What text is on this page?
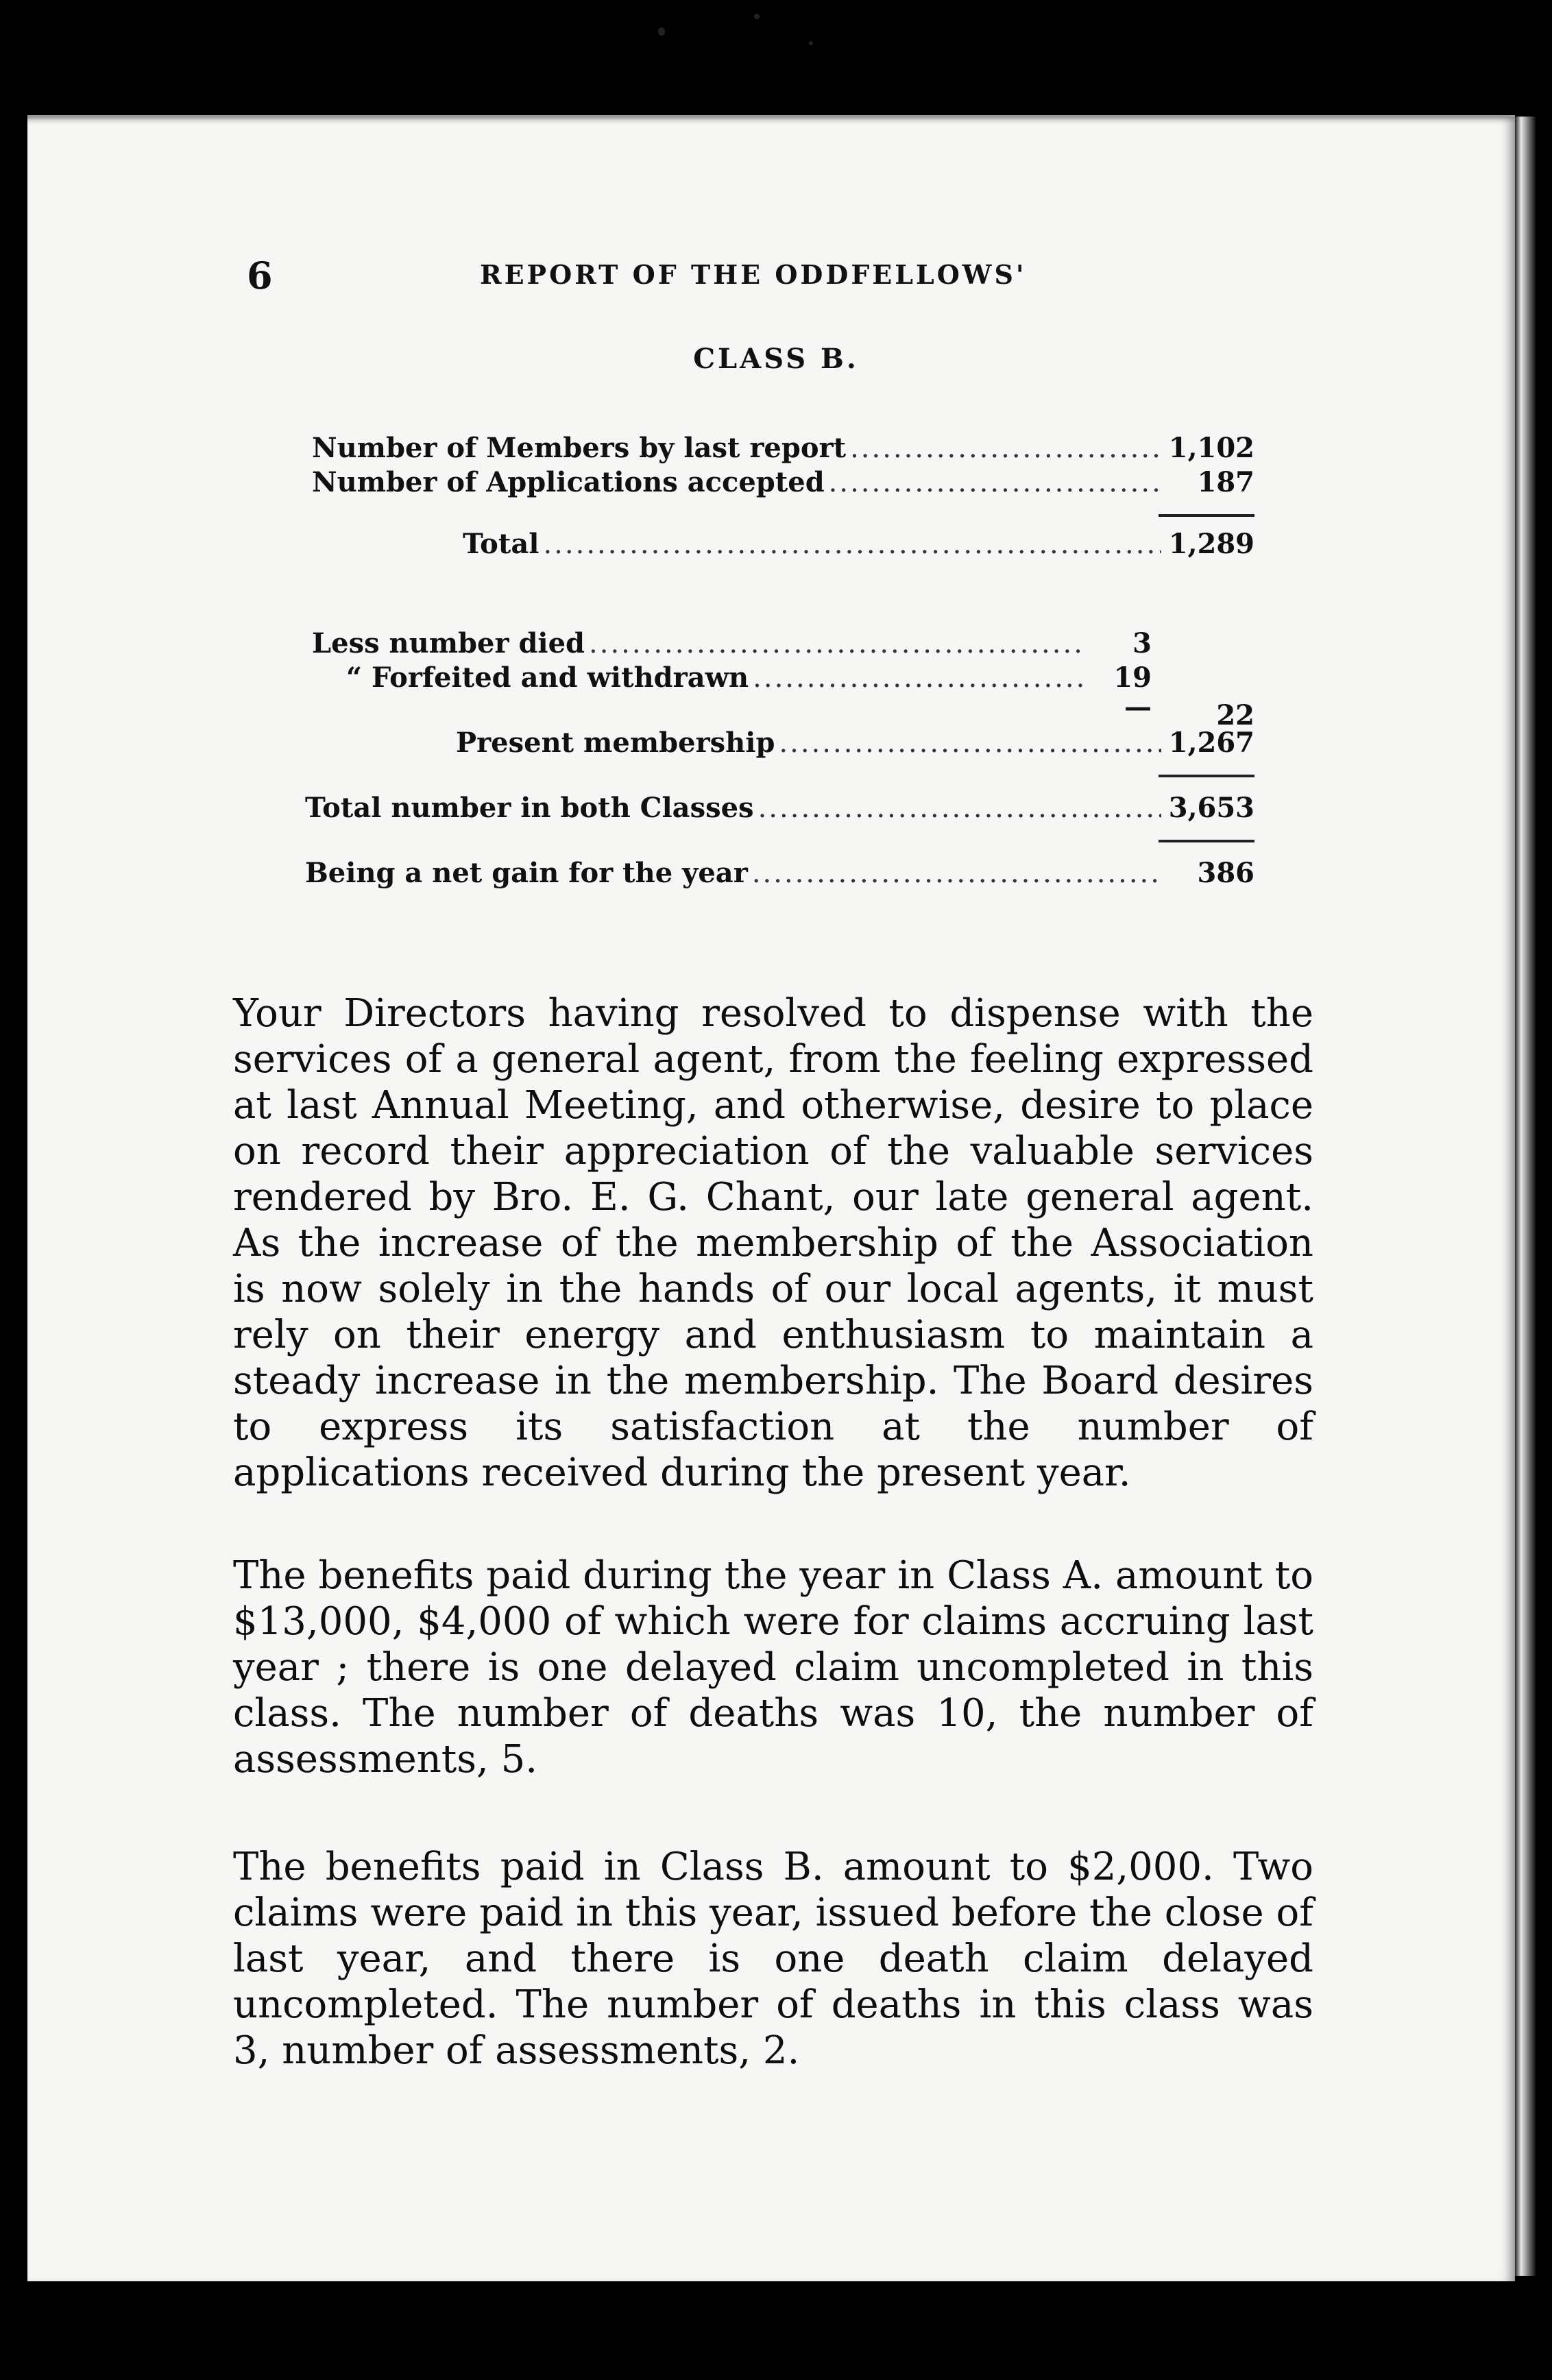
6	REPORT OF THE ODDFELLOWS'
CLASS B.
Number of Members by last report .....	1,102
Number of Applications accepted .....	187
Total .....	1,289
Less number died .....	3
“ Forfeited and withdrawn .....	19
—	22
Present membership .....	1,267
Total number in both Classes .....	3,653
Being a net gain for the year .....	386

Your Directors having resolved to dispense with the services of a general agent, from the feeling expressed at last Annual Meeting, and otherwise, desire to place on record their appreciation of the valuable services rendered by Bro. E. G. Chant, our late general agent. As the increase of the membership of the Association is now solely in the hands of our local agents, it must rely on their energy and enthusiasm to maintain a steady increase in the membership. The Board desires to express its satisfaction at the number of applications received during the present year.

The benefits paid during the year in Class A. amount to $13,000, $4,000 of which were for claims accruing last year ; there is one delayed claim uncompleted in this class. The number of deaths was 10, the number of assessments, 5.

The benefits paid in Class B. amount to $2,000. Two claims were paid in this year, issued before the close of last year, and there is one death claim delayed uncompleted. The number of deaths in this class was 3, number of assessments, 2.
